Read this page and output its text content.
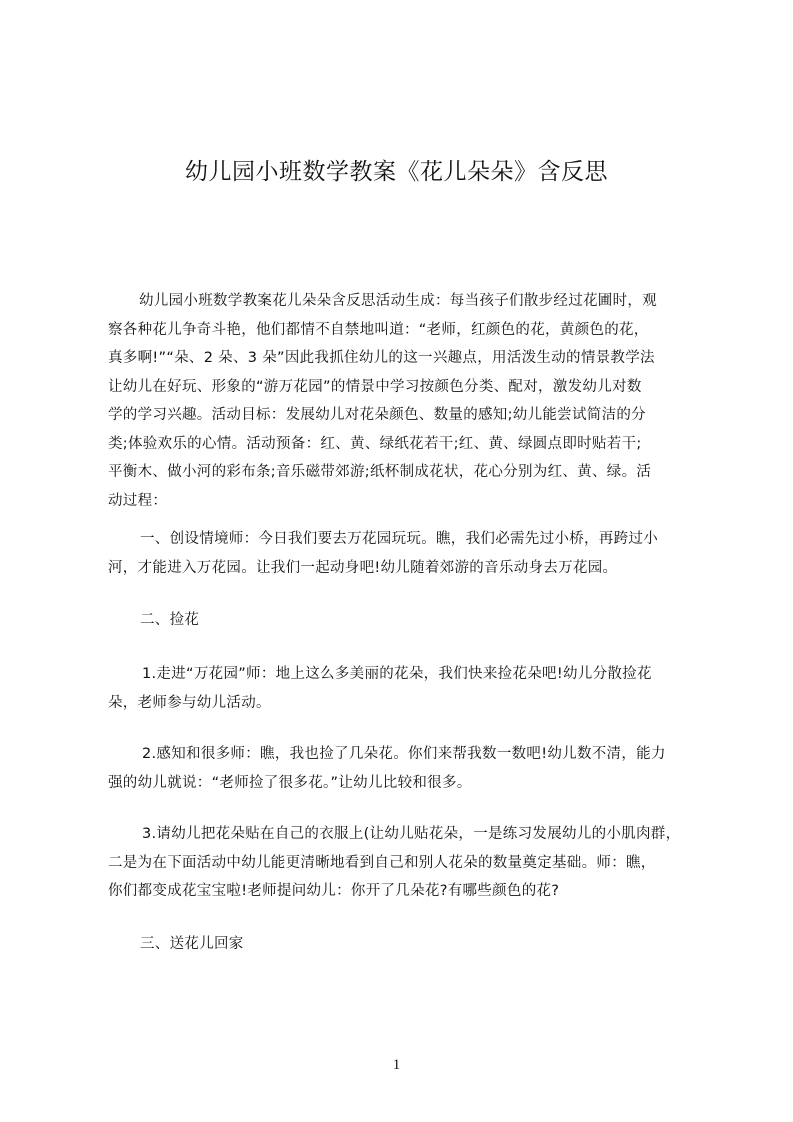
幼儿园小班数学教案《花儿朵朵》含反思
幼儿园小班数学教案花儿朵朵含反思活动生成：每当孩子们散步经过花圃时，观
察各种花儿争奇斗艳，他们都情不自禁地叫道：“老师，红颜色的花，黄颜色的花，
真多啊!”“朵、2 朵、3 朵”因此我抓住幼儿的这一兴趣点，用活泼生动的情景教学法
让幼儿在好玩、形象的“游万花园”的情景中学习按颜色分类、配对，激发幼儿对数
学的学习兴趣。活动目标：发展幼儿对花朵颜色、数量的感知;幼儿能尝试简洁的分
类;体验欢乐的心情。活动预备：红、黄、绿纸花若干;红、黄、绿圆点即时贴若干;
平衡木、做小河的彩布条;音乐磁带郊游;纸杯制成花状，花心分别为红、黄、绿。活
动过程：
一、创设情境师：今日我们要去万花园玩玩。瞧，我们必需先过小桥，再跨过小
河，才能进入万花园。让我们一起动身吧!幼儿随着郊游的音乐动身去万花园。
二、捡花
1.走进“万花园”师：地上这么多美丽的花朵，我们快来捡花朵吧!幼儿分散捡花
朵，老师参与幼儿活动。
2.感知和很多师：瞧，我也捡了几朵花。你们来帮我数一数吧!幼儿数不清，能力
强的幼儿就说：“老师捡了很多花。”让幼儿比较和很多。
3.请幼儿把花朵贴在自己的衣服上(让幼儿贴花朵，一是练习发展幼儿的小肌肉群，
二是为在下面活动中幼儿能更清晰地看到自己和别人花朵的数量奠定基础。师：瞧，
你们都变成花宝宝啦!老师提问幼儿：你开了几朵花?有哪些颜色的花?
三、送花儿回家
1
